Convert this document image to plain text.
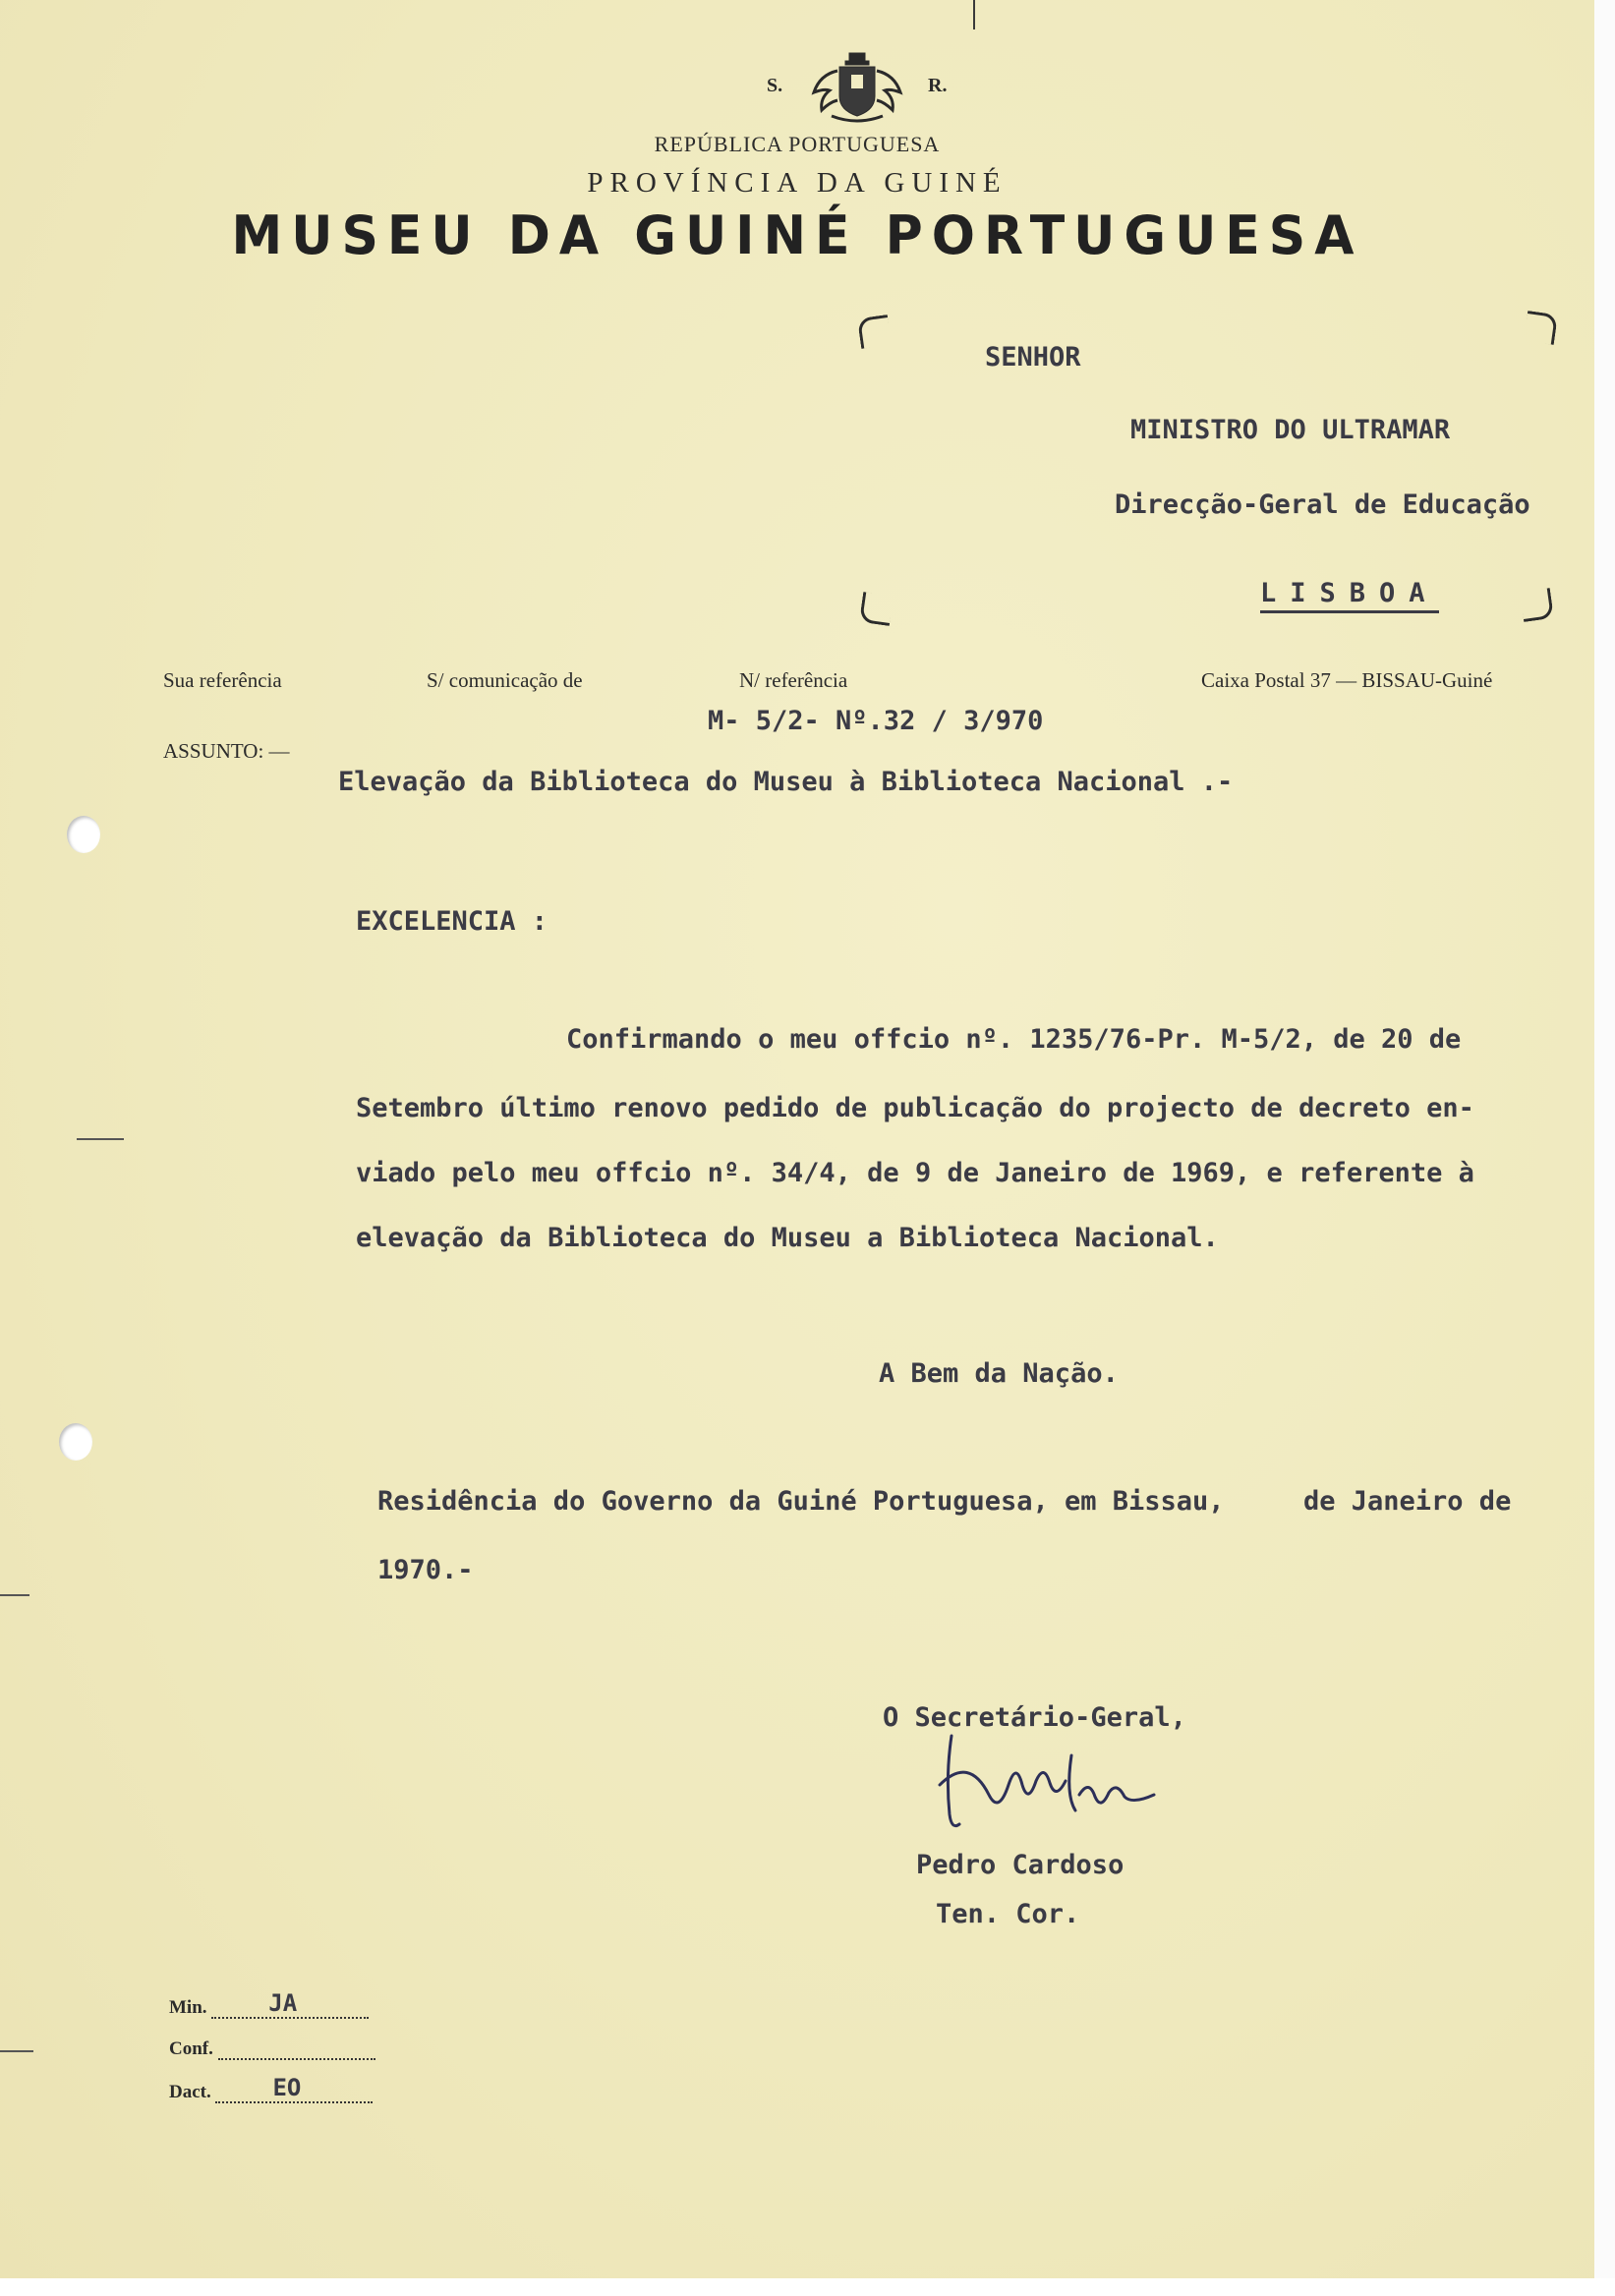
S.	R.
REPÚBLICA PORTUGUESA
PROVÍNCIA DA GUINÉ
MUSEU DA GUINÉ PORTUGUESA
SENHOR
MINISTRO DO ULTRAMAR
Direcção-Geral de Educação
LISBOA
Sua referência	S/ comunicação de	N/ referência	Caixa Postal 37 — BISSAU-Guiné
M- 5/2- Nº.32 / 3/970
ASSUNTO: —
Elevação da Biblioteca do Museu à Biblioteca Nacional .-
EXCELENCIA :
Confirmando o meu offcio nº. 1235/76-Pr. M-5/2, de 20 de
Setembro último renovo pedido de publicação do projecto de decreto en-
viado pelo meu offcio nº. 34/4, de 9 de Janeiro de 1969, e referente à
elevação da Biblioteca do Museu a Biblioteca Nacional.
A Bem da Nação.
Residência do Governo da Guiné Portuguesa, em Bissau,	de Janeiro de
1970.-
O Secretário-Geral,
Pedro Cardoso
Ten. Cor.
Min.	JA
Conf.
Dact.	EO
